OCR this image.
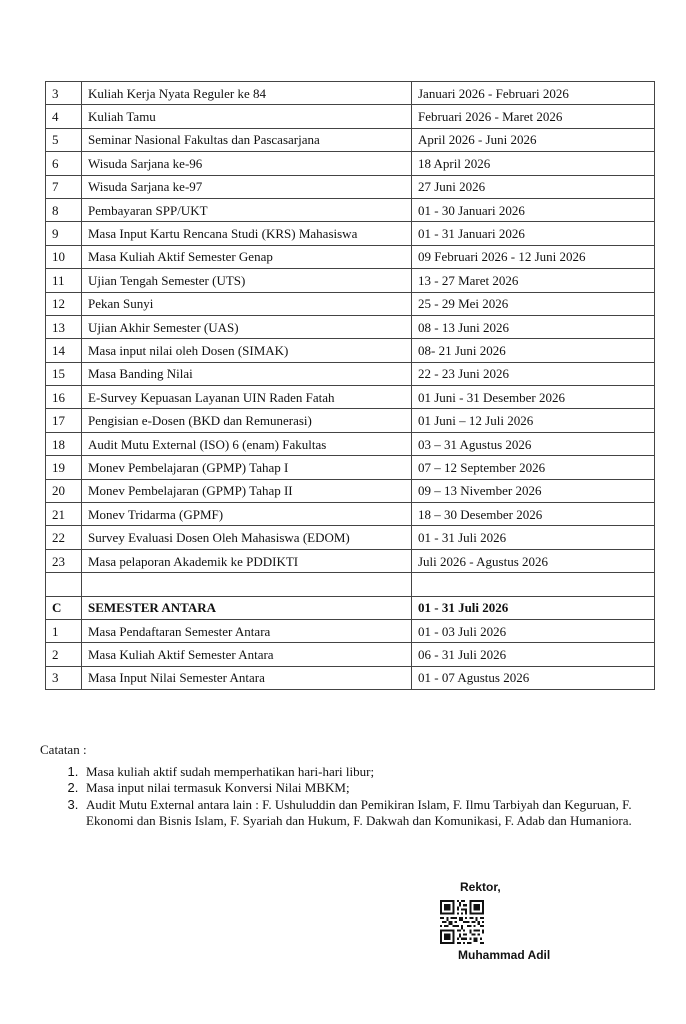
3	Kuliah Kerja Nyata Reguler ke 84	Januari 2026 - Februari 2026
4	Kuliah Tamu	Februari 2026 - Maret 2026
5	Seminar Nasional Fakultas dan Pascasarjana	April 2026 - Juni 2026
6	Wisuda Sarjana ke-96	18 April 2026
7	Wisuda Sarjana ke-97	27 Juni 2026
8	Pembayaran SPP/UKT	01 - 30 Januari 2026
9	Masa Input Kartu Rencana Studi (KRS) Mahasiswa	01 - 31 Januari 2026
10	Masa Kuliah Aktif Semester Genap	09 Februari 2026 - 12 Juni 2026
11	Ujian Tengah Semester (UTS)	13 - 27 Maret 2026
12	Pekan Sunyi	25 - 29 Mei 2026
13	Ujian Akhir Semester (UAS)	08 - 13 Juni 2026
14	Masa input nilai oleh Dosen (SIMAK)	08- 21 Juni 2026
15	Masa Banding Nilai	22 - 23 Juni 2026
16	E-Survey Kepuasan Layanan UIN Raden Fatah	01 Juni - 31 Desember 2026
17	Pengisian e-Dosen (BKD dan Remunerasi)	01 Juni – 12 Juli 2026
18	Audit Mutu External (ISO) 6 (enam) Fakultas	03 – 31 Agustus 2026
19	Monev Pembelajaran (GPMP) Tahap I	07 – 12 September 2026
20	Monev Pembelajaran (GPMP) Tahap II	09 – 13 Nivember 2026
21	Monev Tridarma (GPMF)	18 – 30 Desember 2026
22	Survey Evaluasi Dosen Oleh Mahasiswa (EDOM)	01 - 31 Juli 2026
23	Masa pelaporan Akademik ke PDDIKTI	Juli 2026 - Agustus 2026

C	SEMESTER ANTARA	01 - 31 Juli 2026
1	Masa Pendaftaran Semester Antara	01 - 03 Juli 2026
2	Masa Kuliah Aktif Semester Antara	06 - 31 Juli 2026
3	Masa Input Nilai Semester Antara	01 - 07 Agustus 2026
Catatan :
1. Masa kuliah aktif sudah memperhatikan hari-hari libur;
2. Masa input nilai termasuk Konversi Nilai MBKM;
3. Audit Mutu External antara lain : F. Ushuluddin dan Pemikiran Islam, F. Ilmu Tarbiyah dan Keguruan, F. Ekonomi dan Bisnis Islam, F. Syariah dan Hukum, F. Dakwah dan Komunikasi, F. Adab dan Humaniora.
Rektor,
Muhammad Adil
